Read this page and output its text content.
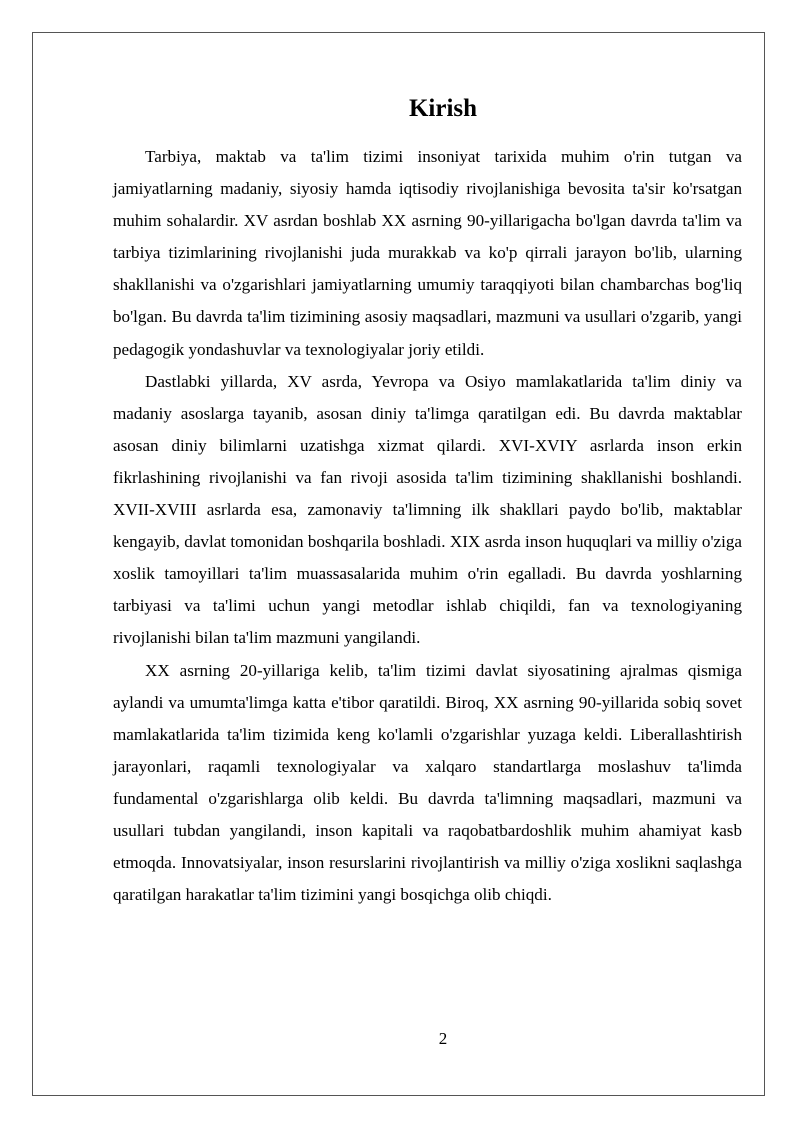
Kirish

Tarbiya, maktab va ta'lim tizimi insoniyat tarixida muhim o'rin tutgan va jamiyatlarning madaniy, siyosiy hamda iqtisodiy rivojlanishiga bevosita ta'sir ko'rsatgan muhim sohalardir. XV asrdan boshlab XX asrning 90-yillarigacha bo'lgan davrda ta'lim va tarbiya tizimlarining rivojlanishi juda murakkab va ko'p qirrali jarayon bo'lib, ularning shakllanishi va o'zgarishlari jamiyatlarning umumiy taraqqiyoti bilan chambarchas bog'liq bo'lgan. Bu davrda ta'lim tizimining asosiy maqsadlari, mazmuni va usullari o'zgarib, yangi pedagogik yondashuvlar va texnologiyalar joriy etildi.

Dastlabki yillarda, XV asrda, Yevropa va Osiyo mamlakatlarida ta'lim diniy va madaniy asoslarga tayanib, asosan diniy ta'limga qaratilgan edi. Bu davrda maktablar asosan diniy bilimlarni uzatishga xizmat qilardi. XVI-XVIY asrlarda inson erkin fikrlashining rivojlanishi va fan rivoji asosida ta'lim tizimining shakllanishi boshlandi. XVII-XVIII asrlarda esa, zamonaviy ta'limning ilk shakllari paydo bo'lib, maktablar kengayib, davlat tomonidan boshqarila boshladi. XIX asrda inson huquqlari va milliy o'ziga xoslik tamoyillari ta'lim muassasalarida muhim o'rin egalladi. Bu davrda yoshlarning tarbiyasi va ta'limi uchun yangi metodlar ishlab chiqildi, fan va texnologiyaning rivojlanishi bilan ta'lim mazmuni yangilandi.

XX asrning 20-yillariga kelib, ta'lim tizimi davlat siyosatining ajralmas qismiga aylandi va umumta'limga katta e'tibor qaratildi. Biroq, XX asrning 90-yillarida sobiq sovet mamlakatlarida ta'lim tizimida keng ko'lamli o'zgarishlar yuzaga keldi. Liberallashtirish jarayonlari, raqamli texnologiyalar va xalqaro standartlarga moslashuv ta'limda fundamental o'zgarishlarga olib keldi. Bu davrda ta'limning maqsadlari, mazmuni va usullari tubdan yangilandi, inson kapitali va raqobatbardoshlik muhim ahamiyat kasb etmoqda. Innovatsiyalar, inson resurslarini rivojlantirish va milliy o'ziga xoslikni saqlashga qaratilgan harakatlar ta'lim tizimini yangi bosqichga olib chiqdi.

2
